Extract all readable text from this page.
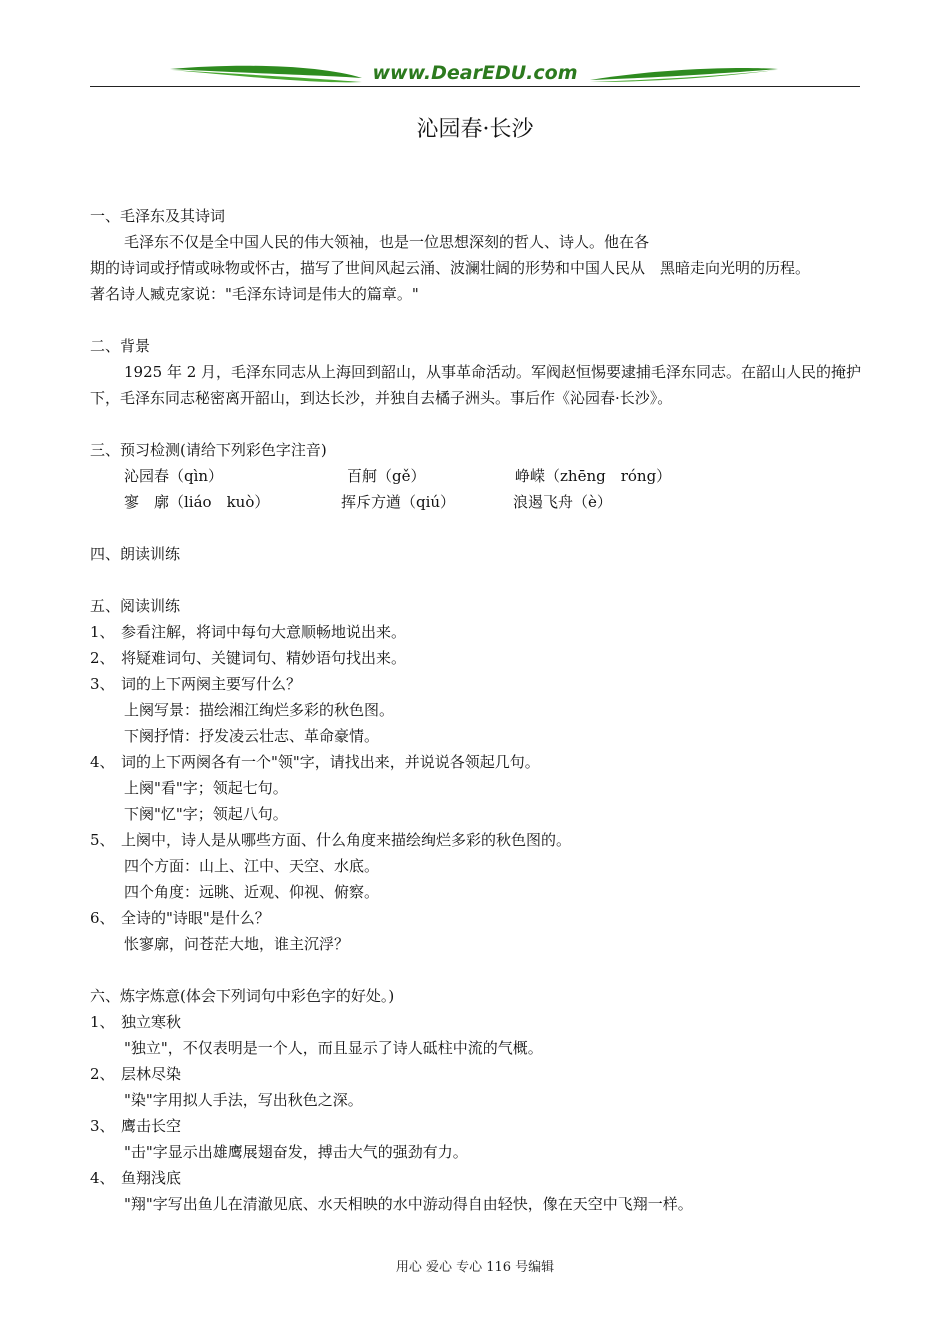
www.DearEDU.com
沁园春·长沙
一、毛泽东及其诗词
毛泽东不仅是全中国人民的伟大领袖，也是一位思想深刻的哲人、诗人。他在各
期的诗词或抒情或咏物或怀古，描写了世间风起云涌、波澜壮阔的形势和中国人民从　黑暗走向光明的历程。
著名诗人臧克家说："毛泽东诗词是伟大的篇章。"
二、背景
1925 年 2 月，毛泽东同志从上海回到韶山，从事革命活动。军阀赵恒惕要逮捕毛泽东同志。在韶山人民的掩护下，毛泽东同志秘密离开韶山，到达长沙，并独自去橘子洲头。事后作《沁园春·长沙》。
三、预习检测(请给下列彩色字注音)
沁园春（qìn）	百舸（gě）	峥嵘（zhēng　róng）
寥　廓（liáo　kuò）	挥斥方遒（qiú）	浪遏飞舟（è）
四、朗读训练
五、阅读训练
1、 参看注解，将词中每句大意顺畅地说出来。
2、 将疑难词句、关键词句、精妙语句找出来。
3、 词的上下两阕主要写什么？
上阕写景：描绘湘江绚烂多彩的秋色图。
下阕抒情：抒发凌云壮志、革命豪情。
4、 词的上下两阕各有一个"领"字，请找出来，并说说各领起几句。
上阕"看"字；领起七句。
下阕"忆"字；领起八句。
5、 上阕中，诗人是从哪些方面、什么角度来描绘绚烂多彩的秋色图的。
四个方面：山上、江中、天空、水底。
四个角度：远眺、近观、仰视、俯察。
6、 全诗的"诗眼"是什么？
怅寥廓，问苍茫大地，谁主沉浮？
六、炼字炼意(体会下列词句中彩色字的好处。)
1、 独立寒秋
"独立"，不仅表明是一个人，而且显示了诗人砥柱中流的气概。
2、 层林尽染
"染"字用拟人手法，写出秋色之深。
3、 鹰击长空
"击"字显示出雄鹰展翅奋发，搏击大气的强劲有力。
4、 鱼翔浅底
"翔"字写出鱼儿在清澈见底、水天相映的水中游动得自由轻快，像在天空中飞翔一样。
用心 爱心 专心 116 号编辑
